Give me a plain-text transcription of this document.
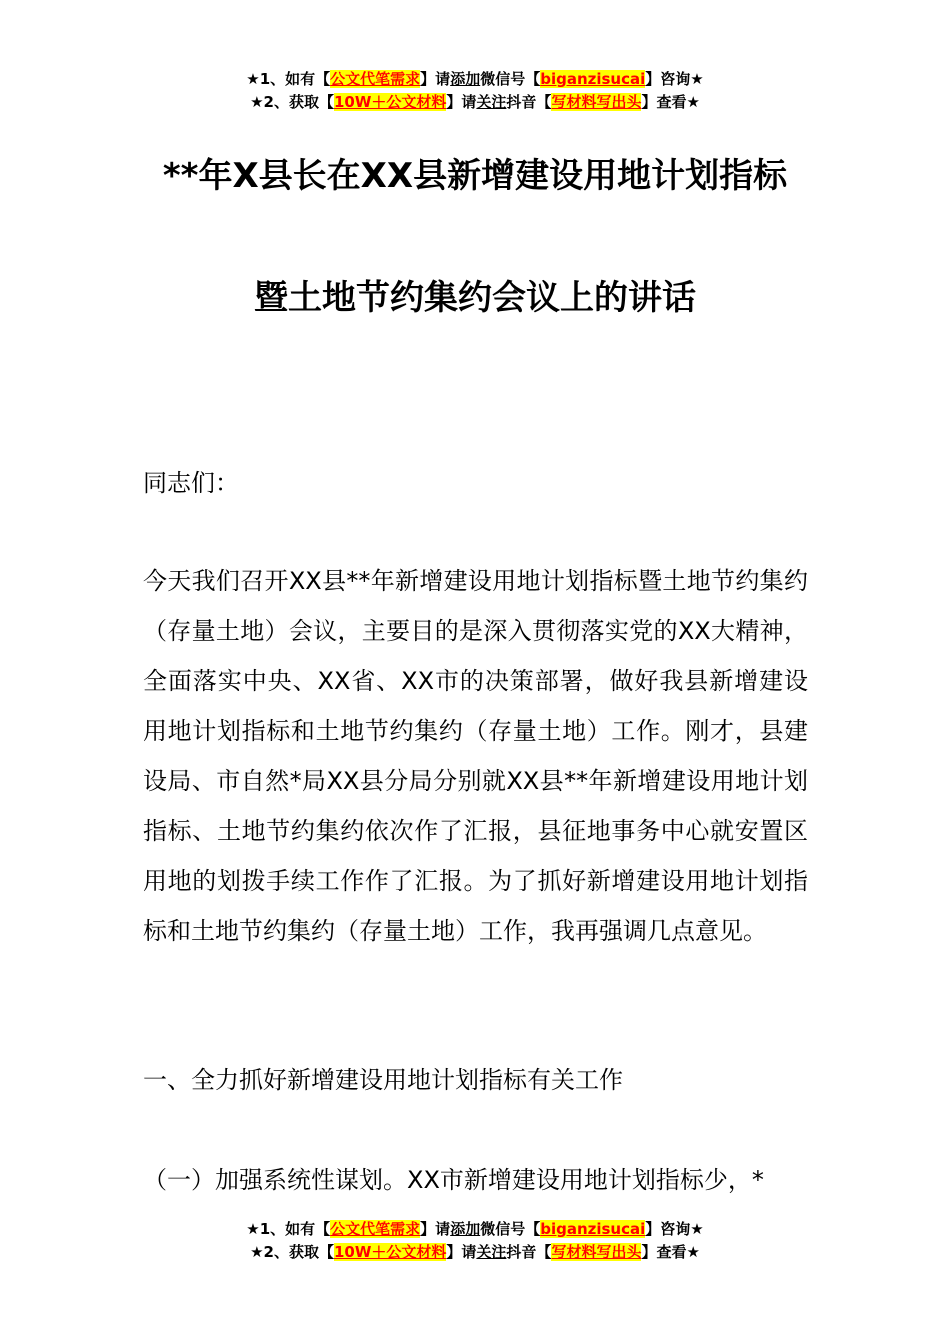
★1、如有【公文代笔需求】请添加微信号【biganzisucai】咨询★
★2、获取【10W＋公文材料】请关注抖音【写材料写出头】查看★
**年X县长在XX县新增建设用地计划指标
暨土地节约集约会议上的讲话
同志们：
今天我们召开XX县**年新增建设用地计划指标暨土地节约集约（存量土地）会议，主要目的是深入贯彻落实党的XX大精神，全面落实中央、XX省、XX市的决策部署，做好我县新增建设用地计划指标和土地节约集约（存量土地）工作。刚才，县建设局、市自然*局XX县分局分别就XX县**年新增建设用地计划指标、土地节约集约依次作了汇报，县征地事务中心就安置区用地的划拨手续工作作了汇报。为了抓好新增建设用地计划指标和土地节约集约（存量土地）工作，我再强调几点意见。
一、全力抓好新增建设用地计划指标有关工作
（一）加强系统性谋划。XX市新增建设用地计划指标少，*
★1、如有【公文代笔需求】请添加微信号【biganzisucai】咨询★
★2、获取【10W＋公文材料】请关注抖音【写材料写出头】查看★
